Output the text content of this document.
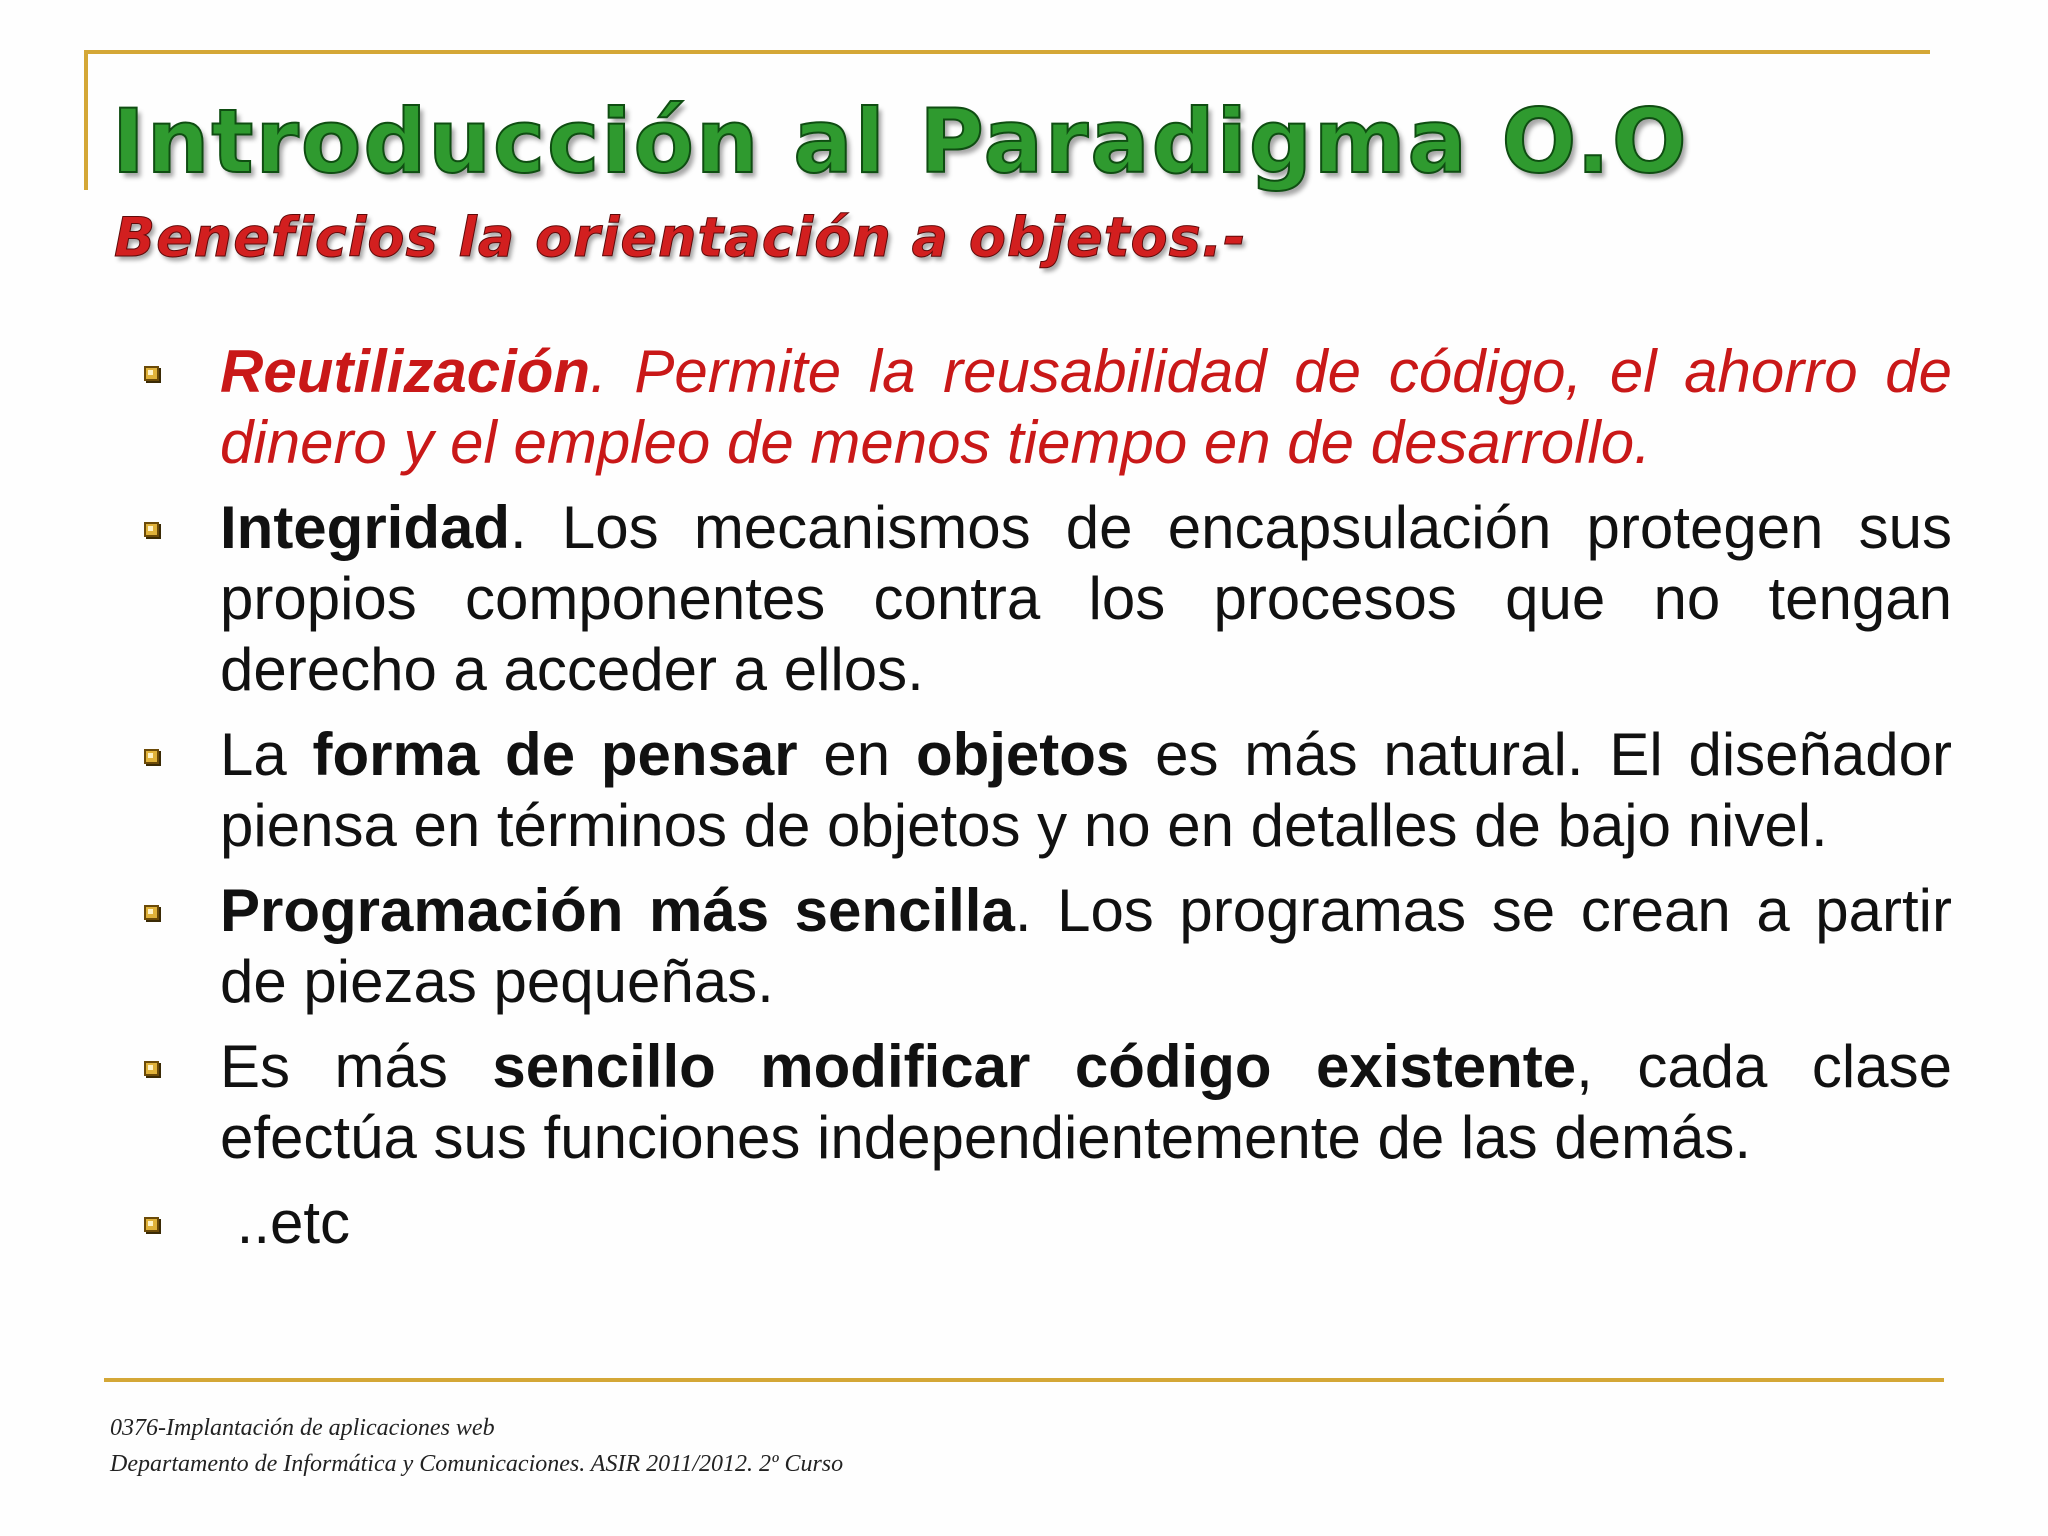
Introducción al Paradigma O.O
Beneficios la orientación a objetos.-
Reutilización. Permite la reusabilidad de código, el ahorro de dinero y el empleo de menos tiempo en de desarrollo.
Integridad. Los mecanismos de encapsulación protegen sus propios componentes contra los procesos que no tengan derecho a acceder a ellos.
La forma de pensar en objetos es más natural. El diseñador piensa en términos de objetos y no en detalles de bajo nivel.
Programación más sencilla. Los programas se crean a partir de piezas pequeñas.
Es más sencillo modificar código existente, cada clase efectúa sus funciones independientemente de las demás.
..etc
0376-Implantación de aplicaciones web
Departamento de Informática y Comunicaciones. ASIR 2011/2012. 2º Curso
